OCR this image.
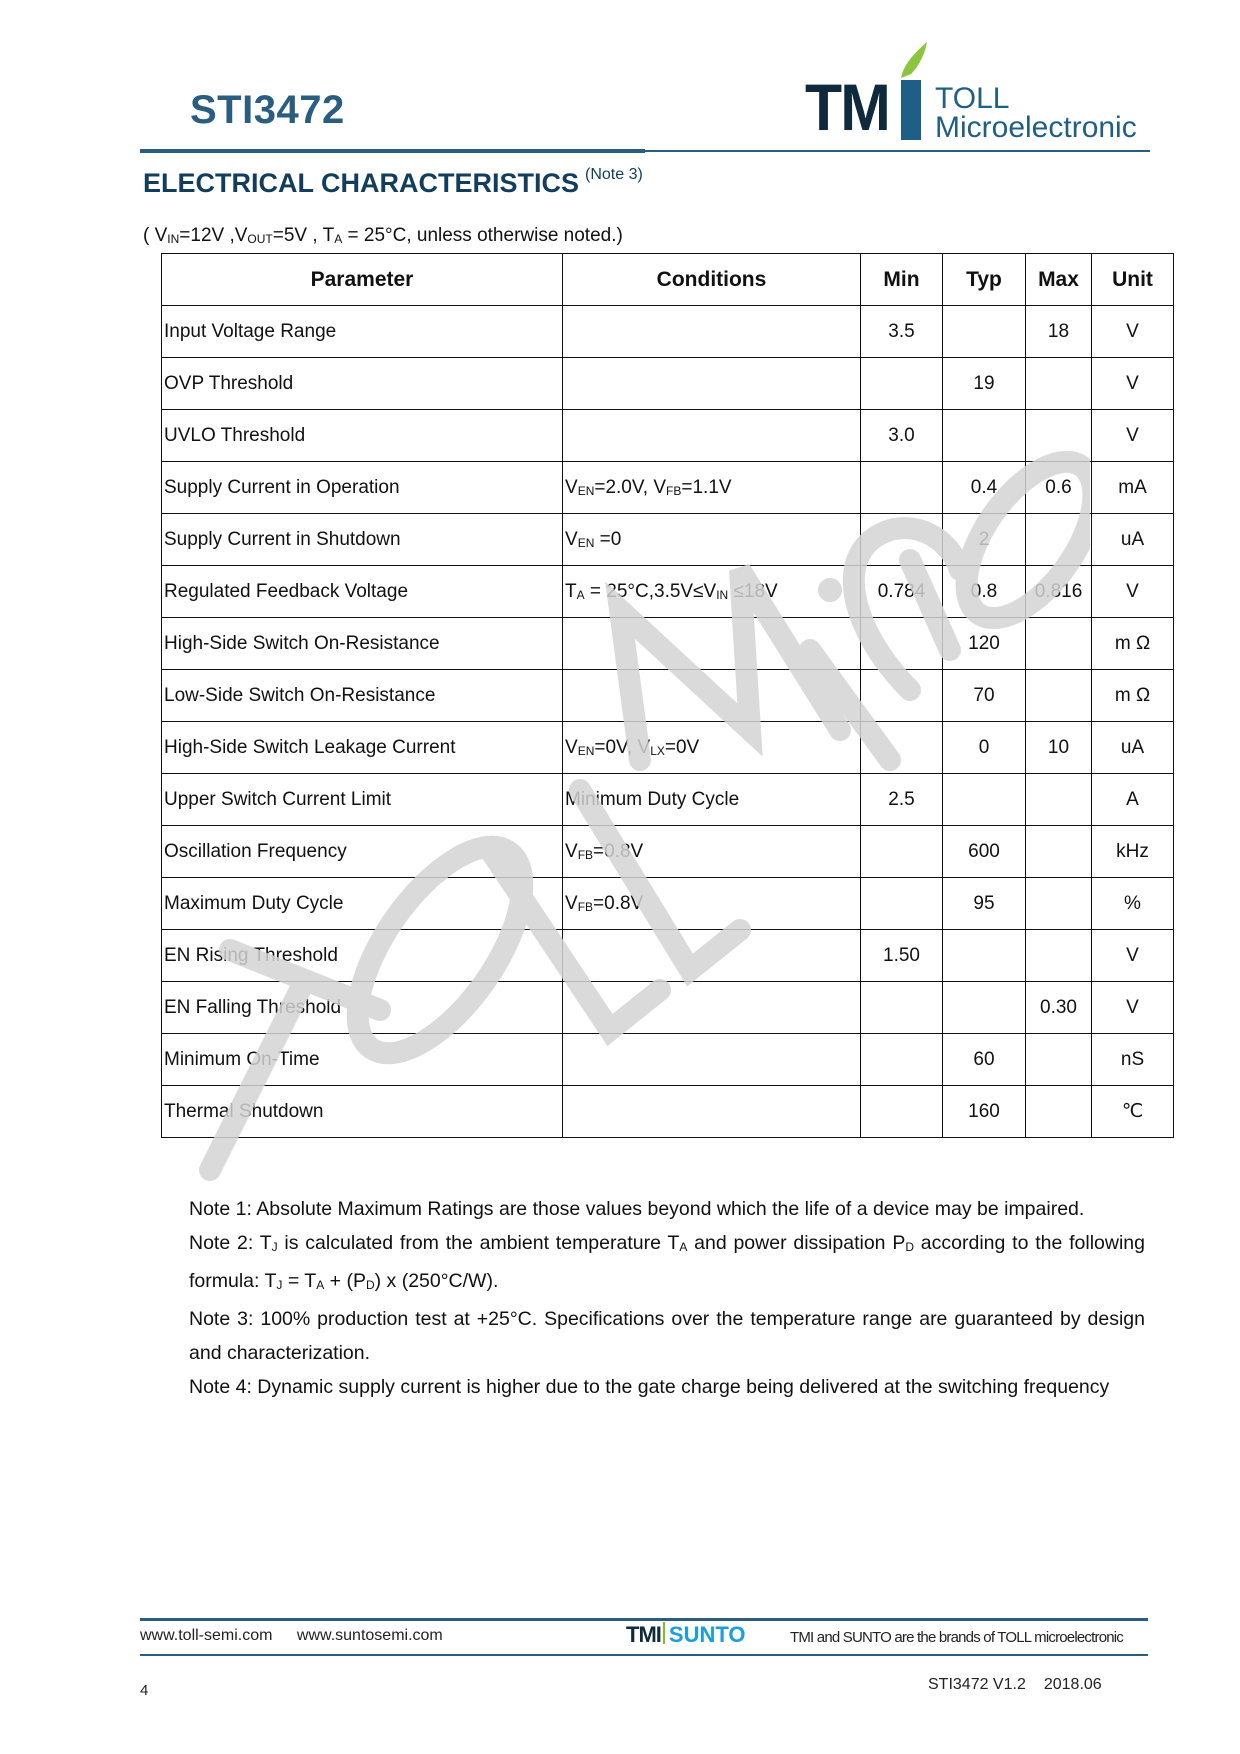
STI3472	TM TOLL
Microelectronic
ELECTRICAL CHARACTERISTICS $^{(Note 3)}$
( $V_{IN}=12V$ $,V_{OUT}=5V$ , $T_A = 25^\circ C$, unless otherwise noted.)
Parameter	Conditions	Min	Typ	Max	Unit
Input Voltage Range		3.5		18	V
OVP Threshold			19		V
UVLO Threshold		3.0			V
Supply Current in Operation	$V_{EN}=2.0V$, $V_{FB}=1.1V$		0.4	0.6	mA
Supply Current in Shutdown	$V_{EN} =0$		2		uA
Regulated Feedback Voltage	$T_A = 25^\circ C,3.5V\le V_{IN} \le 18V$	0.784	0.8	0.816	V
High-Side Switch On-Resistance			120		m Ω
Low-Side Switch On-Resistance			70		m Ω
High-Side Switch Leakage Current	$V_{EN}=0V$, $V_{LX}=0V$		0	10	uA
Upper Switch Current Limit	Minimum Duty Cycle	2.5			A
Oscillation Frequency	$V_{FB}=0.8V$		600		kHz
Maximum Duty Cycle	$V_{FB}=0.8V$		95		%
EN Rising Threshold		1.50			V
EN Falling Threshold				0.30	V
Minimum On-Time			60		nS
Thermal Shutdown			160		℃

Note 1: Absolute Maximum Ratings are those values beyond which the life of a device may be impaired.

Note 2: $T_J$ is calculated from the ambient temperature $T_A$ and power dissipation $P_D$ according to the following formula: $T_J = T_A + (P_D)$ x (250°C/W).

Note 3: 100% production test at +25°C. Specifications over the temperature range are guaranteed by design and characterization.

Note 4: Dynamic supply current is higher due to the gate charge being delivered at the switching frequency

www.toll-semi.com www.suntosemi.com	TMI SUNTO	TMI and SUNTO are the brands of TOLL microelectronic
4	STI3472 V1.2 2018.06
